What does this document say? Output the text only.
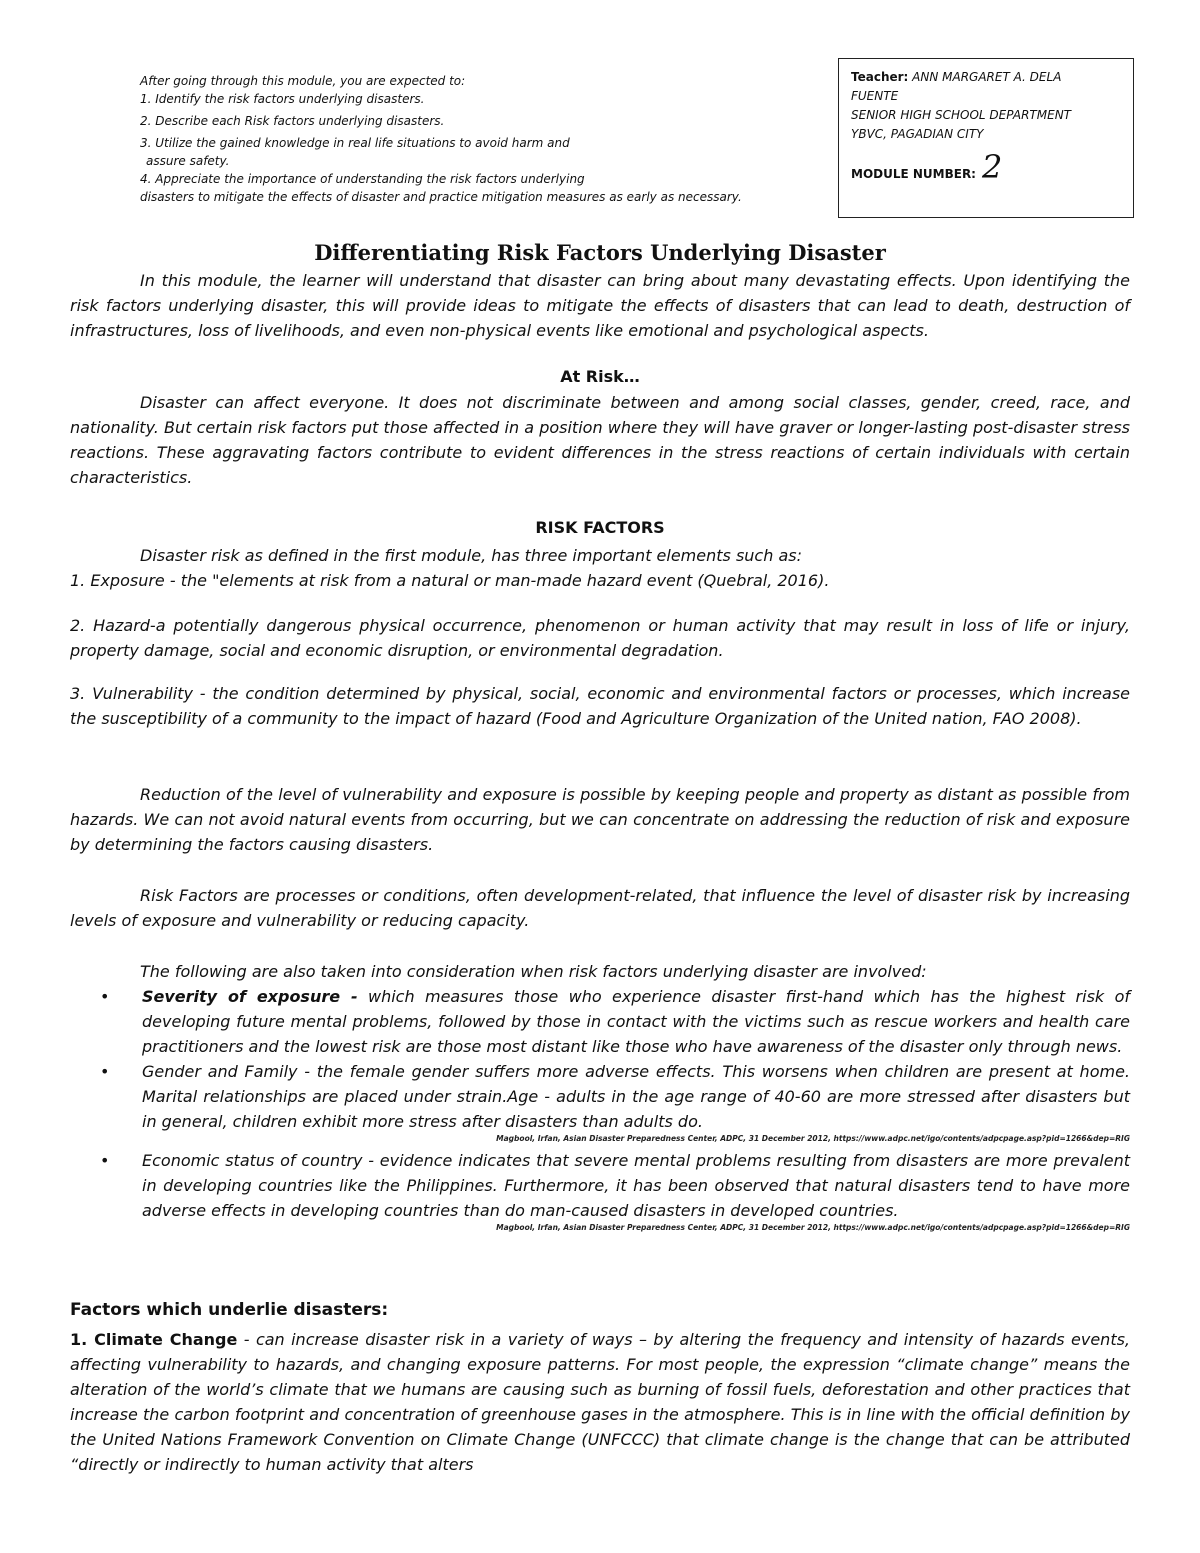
After going through this module, you are expected to:
1. Identify the risk factors underlying disasters.
2. Describe each Risk factors underlying disasters.
3. Utilize the gained knowledge in real life situations to avoid harm and
assure safety.
4. Appreciate the importance of understanding the risk factors underlying
disasters to mitigate the effects of disaster and practice mitigation measures as early as necessary.
Teacher: ANN MARGARET A. DELA
FUENTE
SENIOR HIGH SCHOOL DEPARTMENT
YBVC, PAGADIAN CITY
MODULE NUMBER: 2
Differentiating Risk Factors Underlying Disaster

In this module, the learner will understand that disaster can bring about many devastating effects. Upon identifying the risk factors underlying disaster, this will provide ideas to mitigate the effects of disasters that can lead to death, destruction of infrastructures, loss of livelihoods, and even non-physical events like emotional and psychological aspects.

At Risk…

Disaster can affect everyone. It does not discriminate between and among social classes, gender, creed, race, and nationality. But certain risk factors put those affected in a position where they will have graver or longer-lasting post-disaster stress reactions. These aggravating factors contribute to evident differences in the stress reactions of certain individuals with certain characteristics.

RISK FACTORS

Disaster risk as defined in the first module, has three important elements such as:

1. Exposure - the "elements at risk from a natural or man-made hazard event (Quebral, 2016).

2. Hazard-a potentially dangerous physical occurrence, phenomenon or human activity that may result in loss of life or injury, property damage, social and economic disruption, or environmental degradation.

3. Vulnerability - the condition determined by physical, social, economic and environmental factors or processes, which increase the susceptibility of a community to the impact of hazard (Food and Agriculture Organization of the United nation, FAO 2008).

Reduction of the level of vulnerability and exposure is possible by keeping people and property as distant as possible from hazards. We can not avoid natural events from occurring, but we can concentrate on addressing the reduction of risk and exposure by determining the factors causing disasters.

Risk Factors are processes or conditions, often development-related, that influence the level of disaster risk by increasing levels of exposure and vulnerability or reducing capacity.

The following are also taken into consideration when risk factors underlying disaster are involved:

• Severity of exposure - which measures those who experience disaster first-hand which has the highest risk of developing future mental problems, followed by those in contact with the victims such as rescue workers and health care practitioners and the lowest risk are those most distant like those who have awareness of the disaster only through news.
• Gender and Family - the female gender suffers more adverse effects. This worsens when children are present at home. Marital relationships are placed under strain.Age - adults in the age range of 40-60 are more stressed after disasters but in general, children exhibit more stress after disasters than adults do.
Magbool, Irfan, Asian Disaster Preparedness Center, ADPC, 31 December 2012, https://www.adpc.net/igo/contents/adpcpage.asp?pid=1266&dep=RIG
• Economic status of country - evidence indicates that severe mental problems resulting from disasters are more prevalent in developing countries like the Philippines. Furthermore, it has been observed that natural disasters tend to have more adverse effects in developing countries than do man-caused disasters in developed countries.
Magbool, Irfan, Asian Disaster Preparedness Center, ADPC, 31 December 2012, https://www.adpc.net/igo/contents/adpcpage.asp?pid=1266&dep=RIG
Factors which underlie disasters:

1. Climate Change - can increase disaster risk in a variety of ways – by altering the frequency and intensity of hazards events, affecting vulnerability to hazards, and changing exposure patterns. For most people, the expression “climate change” means the alteration of the world’s climate that we humans are causing such as burning of fossil fuels, deforestation and other practices that increase the carbon footprint and concentration of greenhouse gases in the atmosphere. This is in line with the official definition by the United Nations Framework Convention on Climate Change (UNFCCC) that climate change is the change that can be attributed “directly or indirectly to human activity that alters
